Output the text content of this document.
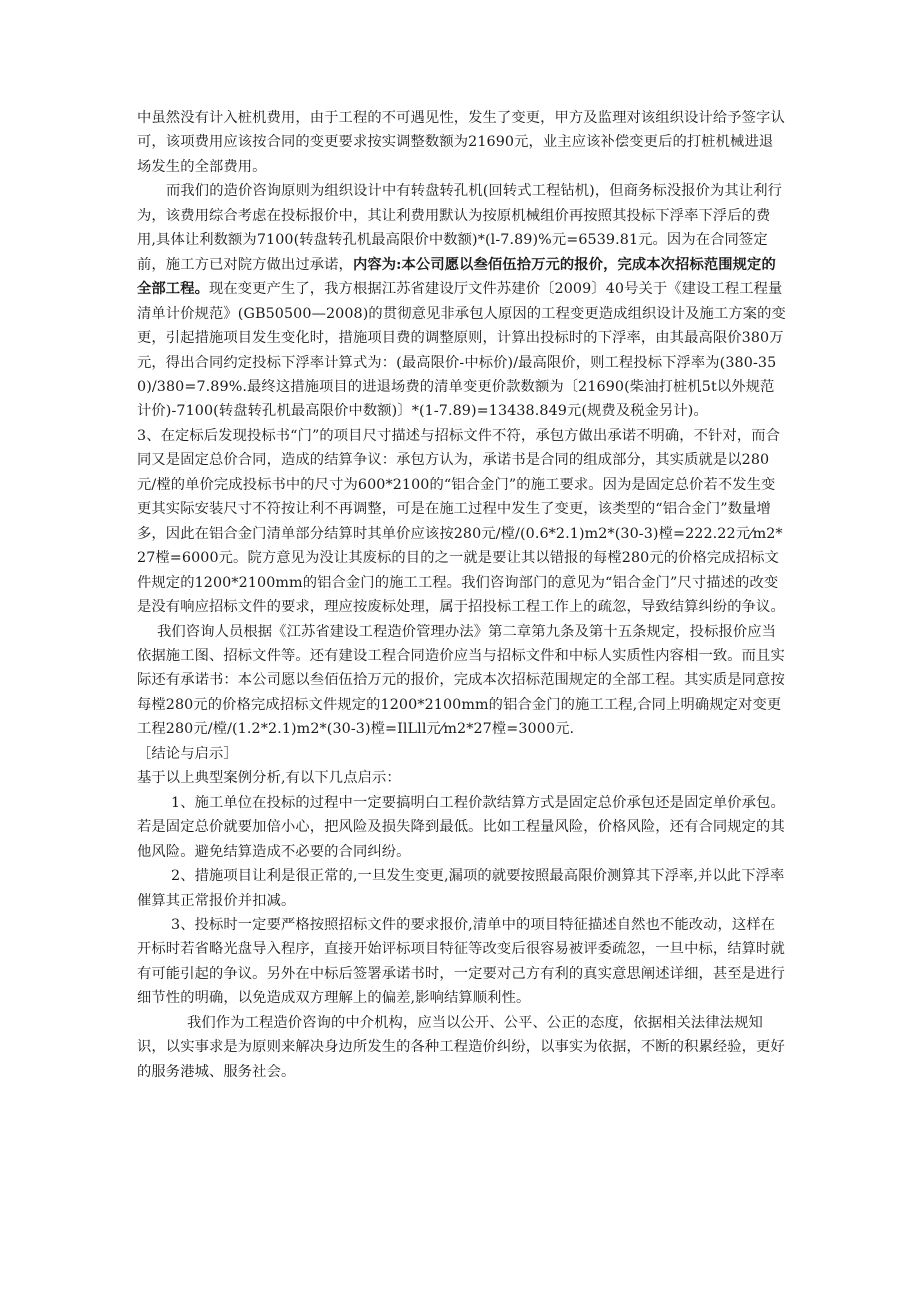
中虽然没有计入桩机费用，由于工程的不可遇见性，发生了变更，甲方及监理对该组织设计给予签字认可，该项费用应该按合同的变更要求按实调整数额为21690元，业主应该补偿变更后的打桩机械进退场发生的全部费用。

而我们的造价咨询原则为组织设计中有转盘转孔机(回转式工程钻机)，但商务标没报价为其让利行为，该费用综合考虑在投标报价中，其让利费用默认为按原机械组价再按照其投标下浮率下浮后的费用,具体让利数额为7100(转盘转孔机最高限价中数额)*(l-7.89)%元=6539.81元。因为在合同签定前，施工方已对院方做出过承诺，内容为:本公司愿以叁佰伍拾万元的报价，完成本次招标范围规定的全部工程。现在变更产生了，我方根据江苏省建设厅文件苏建价〔2009〕40号关于《建设工程工程量清单计价规范》(GB50500—2008)的贯彻意见非承包人原因的工程变更造成组织设计及施工方案的变更，引起措施项目发生变化时，措施项目费的调整原则，计算出投标时的下浮率，由其最高限价380万元，得出合同约定投标下浮率计算式为：(最高限价-中标价)/最高限价，则工程投标下浮率为(380-350)/380=7.89%.最终这措施项目的进退场费的清单变更价款数额为〔21690(柴油打桩机5t以外规范计价)-7100(转盘转孔机最高限价中数额)〕*(1-7.89)=13438.849元(规费及税金另计)。

3、在定标后发现投标书“门”的项目尺寸描述与招标文件不符，承包方做出承诺不明确，不针对，而合同又是固定总价合同，造成的结算争议：承包方认为，承诺书是合同的组成部分，其实质就是以280元/樘的单价完成投标书中的尺寸为600*2100的“铝合金门”的施工要求。因为是固定总价若不发生变更其实际安装尺寸不符按让利不再调整，可是在施工过程中发生了变更，该类型的“铝合金门”数量增多，因此在铝合金门清单部分结算时其单价应该按280元/樘/(0.6*2.1)m2*(30-3)樘=222.22元⁄m2*27樘=6000元。院方意见为没让其废标的目的之一就是要让其以错报的每樘280元的价格完成招标文件规定的1200*2100mm的铝合金门的施工工程。我们咨询部门的意见为“铝合金门”尺寸描述的改变是没有响应招标文件的要求，理应按废标处理，属于招投标工程工作上的疏忽，导致结算纠纷的争议。

我们咨询人员根据《江苏省建设工程造价管理办法》第二章第九条及第十五条规定，投标报价应当依据施工图、招标文件等。还有建设工程合同造价应当与招标文件和中标人实质性内容相一致。而且实际还有承诺书：本公司愿以叁佰伍拾万元的报价，完成本次招标范围规定的全部工程。其实质是同意按每樘280元的价格完成招标文件规定的1200*2100mm的铝合金门的施工工程,合同上明确规定对变更工程280元/樘/(1.2*2.1)m2*(30-3)樘=IlLll元⁄m2*27樘=3000元.

［结论与启示］

基于以上典型案例分析,有以下几点启示：

1、施工单位在投标的过程中一定要搞明白工程价款结算方式是固定总价承包还是固定单价承包。若是固定总价就要加倍小心，把风险及损失降到最低。比如工程量风险，价格风险，还有合同规定的其他风险。避免结算造成不必要的合同纠纷。

2、措施项目让利是很正常的,一旦发生变更,漏项的就要按照最高限价测算其下浮率,并以此下浮率催算其正常报价并扣减。

3、投标时一定要严格按照招标文件的要求报价,清单中的项目特征描述自然也不能改动，这样在开标时若省略光盘导入程序，直接开始评标项目特征等改变后很容易被评委疏忽，一旦中标，结算时就有可能引起的争议。另外在中标后签署承诺书时，一定要对己方有利的真实意思阐述详细，甚至是进行细节性的明确，以免造成双方理解上的偏差,影响结算顺利性。

我们作为工程造价咨询的中介机构，应当以公开、公平、公正的态度，依据相关法律法规知识，以实事求是为原则来解决身边所发生的各种工程造价纠纷，以事实为依据，不断的积累经验，更好的服务港城、服务社会。
